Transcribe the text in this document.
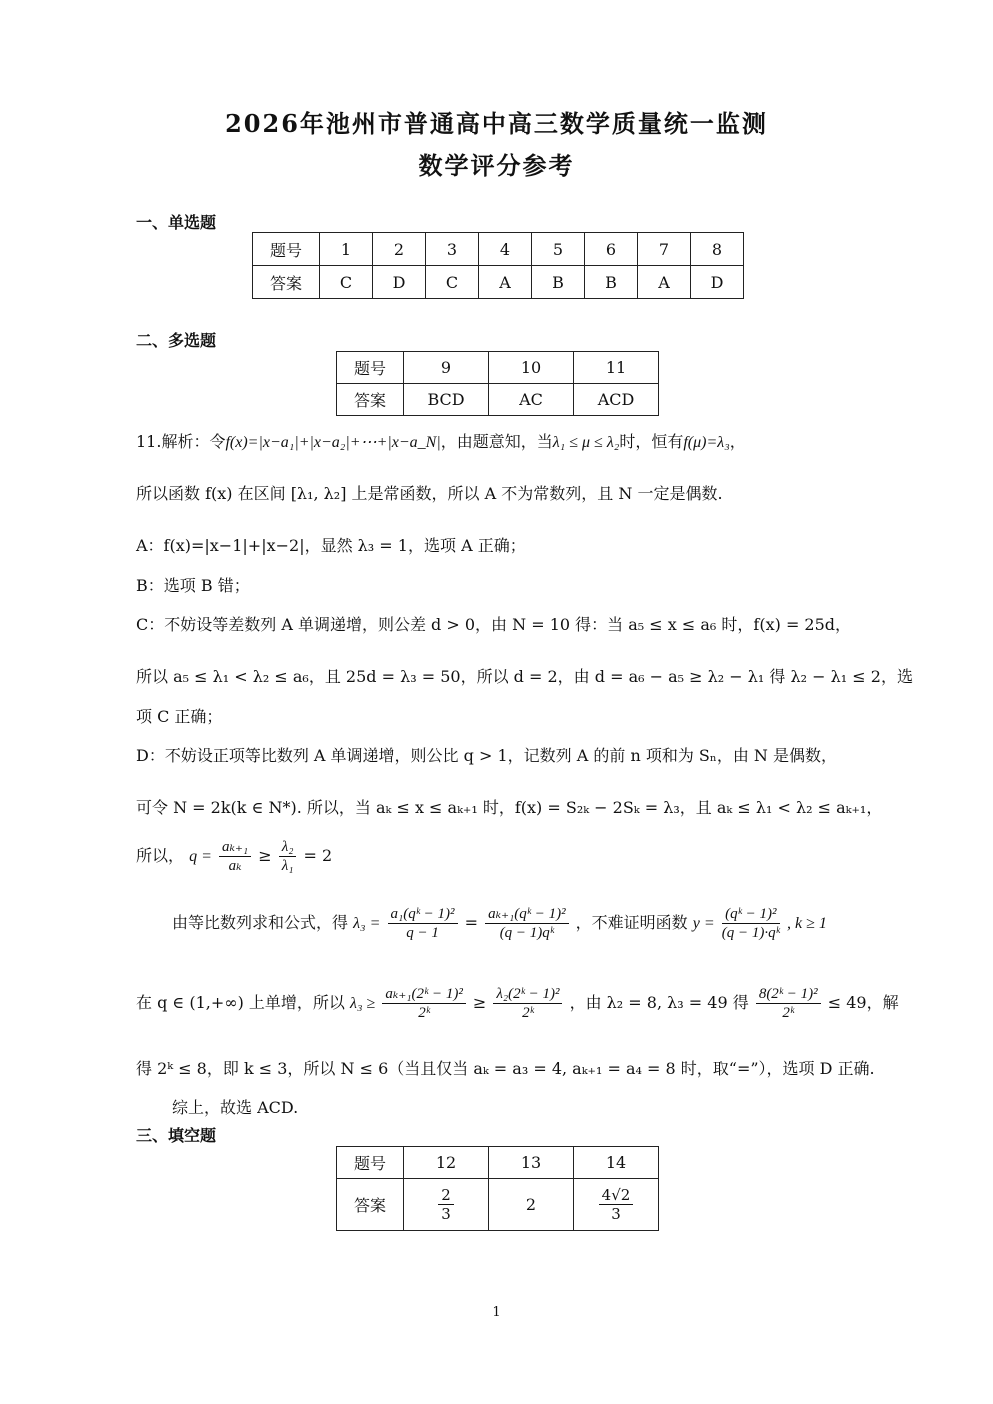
2026年池州市普通高中高三数学质量统一监测
数学评分参考
一、单选题
题号	1	2	3	4	5	6	7	8
答案	C	D	C	A	B	B	A	D
二、多选题
题号	9	10	11
答案	BCD	AC	ACD
11.解析：令f(x)=|x−a₁|+|x−a₂|+⋯+|x−a_N|，由题意知，当λ₁ ≤ μ ≤ λ₂时，恒有f(μ)=λ₃，
所以函数 f(x) 在区间 [λ₁, λ₂] 上是常函数，所以 A 不为常数列，且 N 一定是偶数.
A：f(x)=|x−1|+|x−2|，显然 λ₃ = 1，选项 A 正确；
B：选项 B 错；
C：不妨设等差数列 A 单调递增，则公差 d > 0，由 N = 10 得：当 a₅ ≤ x ≤ a₆ 时，f(x) = 25d，
所以 a₅ ≤ λ₁ < λ₂ ≤ a₆，且 25d = λ₃ = 50，所以 d = 2，由 d = a₆ − a₅ ≥ λ₂ − λ₁ 得 λ₂ − λ₁ ≤ 2，选
项 C 正确；
D：不妨设正项等比数列 A 单调递增，则公比 q > 1，记数列 A 的前 n 项和为 Sₙ，由 N 是偶数，
可令 N = 2k(k ∈ N*). 所以，当 aₖ ≤ x ≤ aₖ₊₁ 时，f(x) = S₂ₖ − 2Sₖ = λ₃，且 aₖ ≤ λ₁ < λ₂ ≤ aₖ₊₁，
所以， $q = \frac{\text{aₖ₊₁}}{\text{aₖ}} \ge \frac{\text{λ₂}}{\text{λ₁}} = 2$
由等比数列求和公式，得 $\lambda_3 = \frac{\text{a₁(qᵏ − 1)²}}{q - 1} = \frac{\text{aₖ₊₁(qᵏ − 1)²}}{\text{(q − 1)qᵏ}}$ ，不难证明函数 $y = \frac{\text{(qᵏ − 1)²}}{\text{(q − 1)·qᵏ}}$ , k ≥ 1
在 q ∈ (1,+∞) 上单增，所以 $\lambda_3 \ge \frac{\text{aₖ₊₁(2ᵏ − 1)²}}{\text{2ᵏ}} \ge \frac{\text{λ₂(2ᵏ − 1)²}}{\text{2ᵏ}}$ ，由 λ₂ = 8, λ₃ = 49 得 $\frac{\text{8(2ᵏ − 1)²}}{\text{2ᵏ}} \le 49$，解
得 2ᵏ ≤ 8，即 k ≤ 3，所以 N ≤ 6（当且仅当 aₖ = a₃ = 4, aₖ₊₁ = a₄ = 8 时，取“=”），选项 D 正确.
综上，故选 ACD.
三、填空题
题号	12	13	14
答案	$\frac{2}{3}$	2	$\frac{4√2}{3}$
1
